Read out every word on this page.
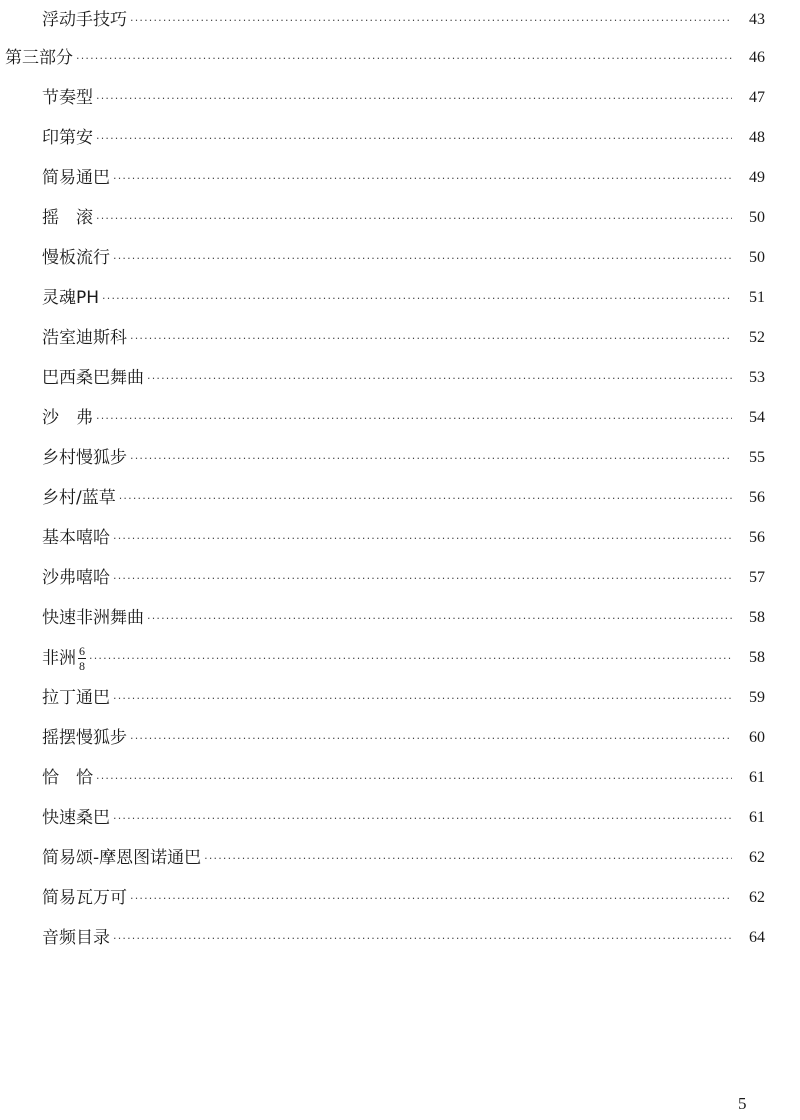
浮动手技巧 ·····	43
第三部分 ·····	46
节奏型 ·····	47
印第安 ·····	48
简易通巴 ·····	49
摇　滚 ·····	50
慢板流行 ·····	50
灵魂PH ·····	51
浩室迪斯科 ·····	52
巴西桑巴舞曲 ·····	53
沙　弗 ·····	54
乡村慢狐步 ·····	55
乡村/蓝草 ·····	56
基本嘻哈 ·····	56
沙弗嘻哈 ·····	57
快速非洲舞曲 ·····	58
非洲 $\frac{6}{8}$ ·····	58
拉丁通巴 ·····	59
摇摆慢狐步 ·····	60
恰　恰 ·····	61
快速桑巴 ·····	61
简易颂-摩恩图诺通巴 ·····	62
简易瓦万可 ·····	62
音频目录 ·····	64
5
